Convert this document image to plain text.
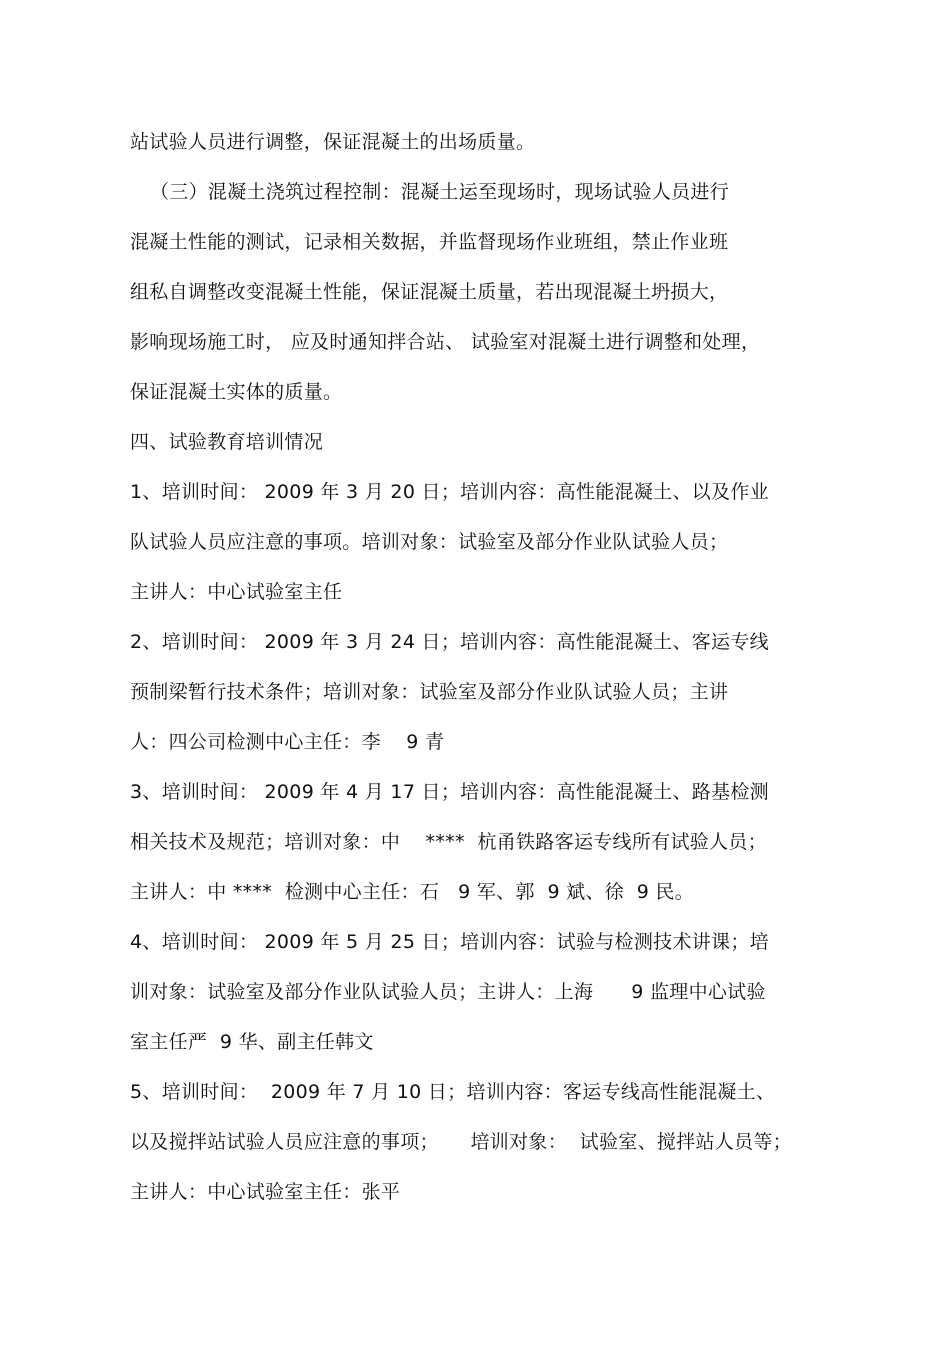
站试验人员进行调整，保证混凝土的出场质量。
（三）混凝土浇筑过程控制：混凝土运至现场时，现场试验人员进行
混凝土性能的测试，记录相关数据，并监督现场作业班组，禁止作业班
组私自调整改变混凝土性能，保证混凝土质量，若出现混凝土坍损大，
影响现场施工时， 应及时通知拌合站、 试验室对混凝土进行调整和处理，
保证混凝土实体的质量。
四、试验教育培训情况
1、培训时间： 2009 年 3 月 20 日；培训内容：高性能混凝土、以及作业
队试验人员应注意的事项。培训对象：试验室及部分作业队试验人员；
主讲人：中心试验室主任
2、培训时间： 2009 年 3 月 24 日；培训内容：高性能混凝土、客运专线
预制梁暂行技术条件；培训对象：试验室及部分作业队试验人员；主讲
人：四公司检测中心主任：李    9 青
3、培训时间： 2009 年 4 月 17 日；培训内容：高性能混凝土、路基检测
相关技术及规范；培训对象：中    ****  杭甬铁路客运专线所有试验人员；
主讲人：中 ****  检测中心主任：石   9 军、郭  9 斌、徐  9 民。
4、培训时间： 2009 年 5 月 25 日；培训内容：试验与检测技术讲课；培
训对象：试验室及部分作业队试验人员；主讲人：上海      9 监理中心试验
室主任严  9 华、副主任韩文
5、培训时间：  2009 年 7 月 10 日；培训内容：客运专线高性能混凝土、
以及搅拌站试验人员应注意的事项；     培训对象：  试验室、搅拌站人员等；
主讲人：中心试验室主任：张平
